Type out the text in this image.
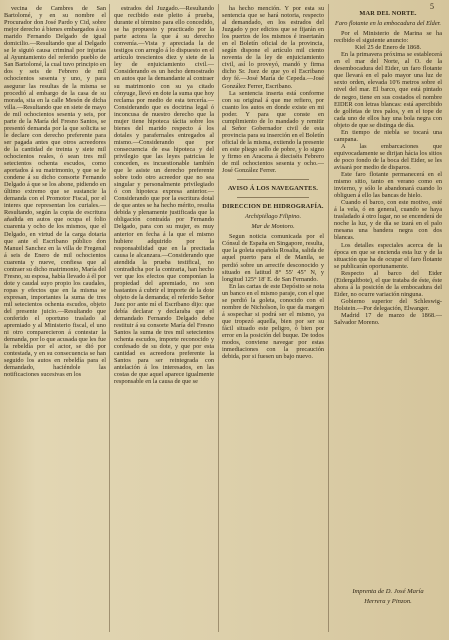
5

vecina de Cambres de San Bartolomé, y en su nombre el Procurador don José Pardo y Cid, sobre mejor derecho á bienes embargados á su marido Fernando Delgado de igual domicilio.—Resultando que al Delgado se le siguió causa criminal por injurias al Ayuntamiento del referido pueblo de San Bartolomé, la cual tuvo principio en dos y seis de Febrero de mil ochocientos sesenta y uno, y para asegurar las resultas de la misma se procedió al embargo de la casa de su morada, sita en la calle Mesón de dicha villa.—Resultando que en siete de mayo de mil ochocientos sesenta y seis, por parte de la María del Fresno Santos, se presentó demanda por la que solicita se le declare con derecho preferente para ser pagada antes que otros acreedores de la cantidad de treinta y siete mil ochocientos reales, ó sean tres mil setecientos ochenta escudos, como aportados á su matrimonio, y que se le condene á su dicho consorte Fernando Delgado á que se los abone, pidiendo en último extremo que se sustancie la demanda con el Promotor Fiscal, por el interes que representan los curiales.—Resultando, según la copia de escritura añadida en autos que ocupa el folio cuarenta y ocho de los mismos, que el Delgado, en virtud de la carga dotaria que ante el Escribano público don Manuel Sanchez en la villa de Fregenal á seis de Enero de mil ochocientos cuarenta y nueve, confiesa que al contraer su dicho matrimonio, María del Fresno, su esposa, había llevado á él por dote y caudal suyo propio los caudales, ropas y efectos que en la misma se expresan, importantes la suma de tres mil setecientos ochenta escudos, objeto del presente juicio.—Resultando que conferido el oportuno traslado al apremiado y al Ministerio fiscal, el uno ni otro comparecieron á contestar la demanda, por lo que acusada que les fue la rebeldía por el actor, se dió por contestada, y en su consecuencia se han seguido los autos en rebeldía para el demandado, haciéndole las notificaciones sucesivas en los

estrados del Juzgado.—Resultando que recibido este pleito á prueba, durante el término para ello concedido, se ha propuesto y practicado por la parte actora la que á su derecho convenía.—Vista y apreciada la de testigos con arreglo á lo dispuesto en el artículo trescientos diez y siete de la ley de enjuiciamiento civil.—Considerando es un hecho demostrado en autos que la demandante al contraer su matrimonio con su ya citado cónyuge, llevó en dote la suma que hoy reclama por medio de esta tercería.—Considerando que es doctrina legal ó inconcusa de nuestro derecho que la mujer tiene hipoteca tácita sobre los bienes del marido respecto á los dotales y parafernales entregados al mismo.—Considerando que por consecuencia de esa hipoteca y del privilegio que las leyes patricias le conceden, es incuestionable también que le asiste un derecho preferente sobre todo otro acreedor que no sea singular y personalmente privilegiado ó con hipoteca expresa anterior.—Considerando que por la escritura dotal de que antes se ha hecho mérito, resulta debida y plenamente justificada que la obligación contraída por Fernando Delgado, para con su mujer, es muy anterior en fecha á la que el mismo hubiere adquirido por la responsabilidad que en la precitada causa le alcanzara.—Considerando que atendida la prueba testifical, no contradicha por la contraria, han hecho ver que los efectos que componían la propiedad del apremiado, no son bastantes á cubrir el importe de la dote objeto de la demanda; el referido Señor Juez por ante mí el Escribano dijo: que debía declarar y declaraba que el demandado Fernando Delgado debe restituir á su consorte María del Fresno Santos la suma de tres mil setecientos ochenta escudos, importe reconocido y confesado de su dote, y que por esta cantidad es acreedora preferente la Santos para ser reintegrada con antelación á los interesados, en las costas de que aquel aparece igualmente responsable en la causa de que se

ha hecho mención. Y por esta su sentencia que se hará notoria, respecto al demandado, en los estrados del Juzgado y por edictos que se fijarán en los puertos de los mismos é insertarán en el Boletín oficial de la provincia, según dispone el artículo mil ciento noventa de la ley de enjuiciamiento civil, así lo proveyó, mandó y firma dicho Sr. Juez de que yo el Escribano doy fé.—José María de Cepeda.—José González Ferrer, Escribano.

La sentencia inserta está conforme con su original á que me refiero, por cuanto los autos en donde existe en mi poder. Y para que conste en cumplimiento de lo mandado y remitir al Señor Gobernador civil de esta provincia para su inserción en el Boletín oficial de la misma, extiendo la presente en este pliego sello de pobre, y lo signo y firmo en Aracena á dieciséis Febrero de mil ochocientos sesenta y ocho.—José González Ferrer.

AVISO Á LOS NAVEGANTES.

DIRECCION DE HIDROGRAFÍA.

Archipiélago Filipino.

Mar de Montoro.

Segun noticia comunicada por el Cónsul de España en Singapore, resulta, que la goleta española Rosalia, salida de aquel puerto para el de Manila, se perdió sobre un arrecife desconocido y situado en latitud 8° 55' 45'' N, y longitud 125° 18' E. de San Fernando.

En las cartas de este Depósito se nota un banco en el mismo paraje, con el que se perdió la goleta, conocido con el nombre de Nicholson, lo que da margen á sospechar si podrá ser el mismo, ya que tropezó aquella, bien por ser su fácil situado este peligro, ó bien por error en la posición del buque. De todos modos, conviene navegar por estas inmediaciones con la precaución debida, por si fuesen un bajo nuevo.

MAR DEL NORTE.

Faro flotante en la embocadura del Elder.

Por el Ministerio de Marina se ha recibido el siguiente anuncio:

Kiel 25 de Enero de 1868.

En la primavera próxima se establecerá en el mar del Norte, al O. de la desembocadura del Eider, un faro flotante que llevará en el palo mayor una luz de sexto orden, elevada 10'6 metros sobre el nivel del mar. El barco, que está pintado de negro, tiene en sus costados el nombre EIDER con letras blancas: está apercibido de golfetas de tres palos, y en el tope de cada uno de ellos hay una bola negra con objeto de que se distinga de día.

En tiempo de niebla se tocará una campana.

A las embarcaciones que equivocadamente se dirijan hácia los sitios de poco fondo de la boca del Eider, se les avisará por medio de disparos.

Este faro flotante permanecerá en el mismo sitio, tanto en verano como en invierno, y sólo le abandonará cuando lo obliguen á ello las bancas de hielo.

Cuando el barco, con este motivo, esté á la vela, ó en general, cuando se haya trasladado á otro lugar, no se encenderá de noche la luz, y de día se izará en el palo mesana una bandera negra con dos blancas.

Los detalles especiales acerca de la época en que se encienda esta luz y de la situación que ha de ocupar el faro flotante se publicarán oportunamente.

Respecto al barco del Eider (Eidergaltbote), el que trataba de éste, éste ahora á la posición de la embocadura del Eider, no ocurre variación ninguna.

Gobierno superior del Schleswig-Holstein.—Por delegación, Elwanger.

Madrid 17 de marzo de 1868.—Salvador Moreno.

Imprenta de D. José María
Herrera y Pinzon.
